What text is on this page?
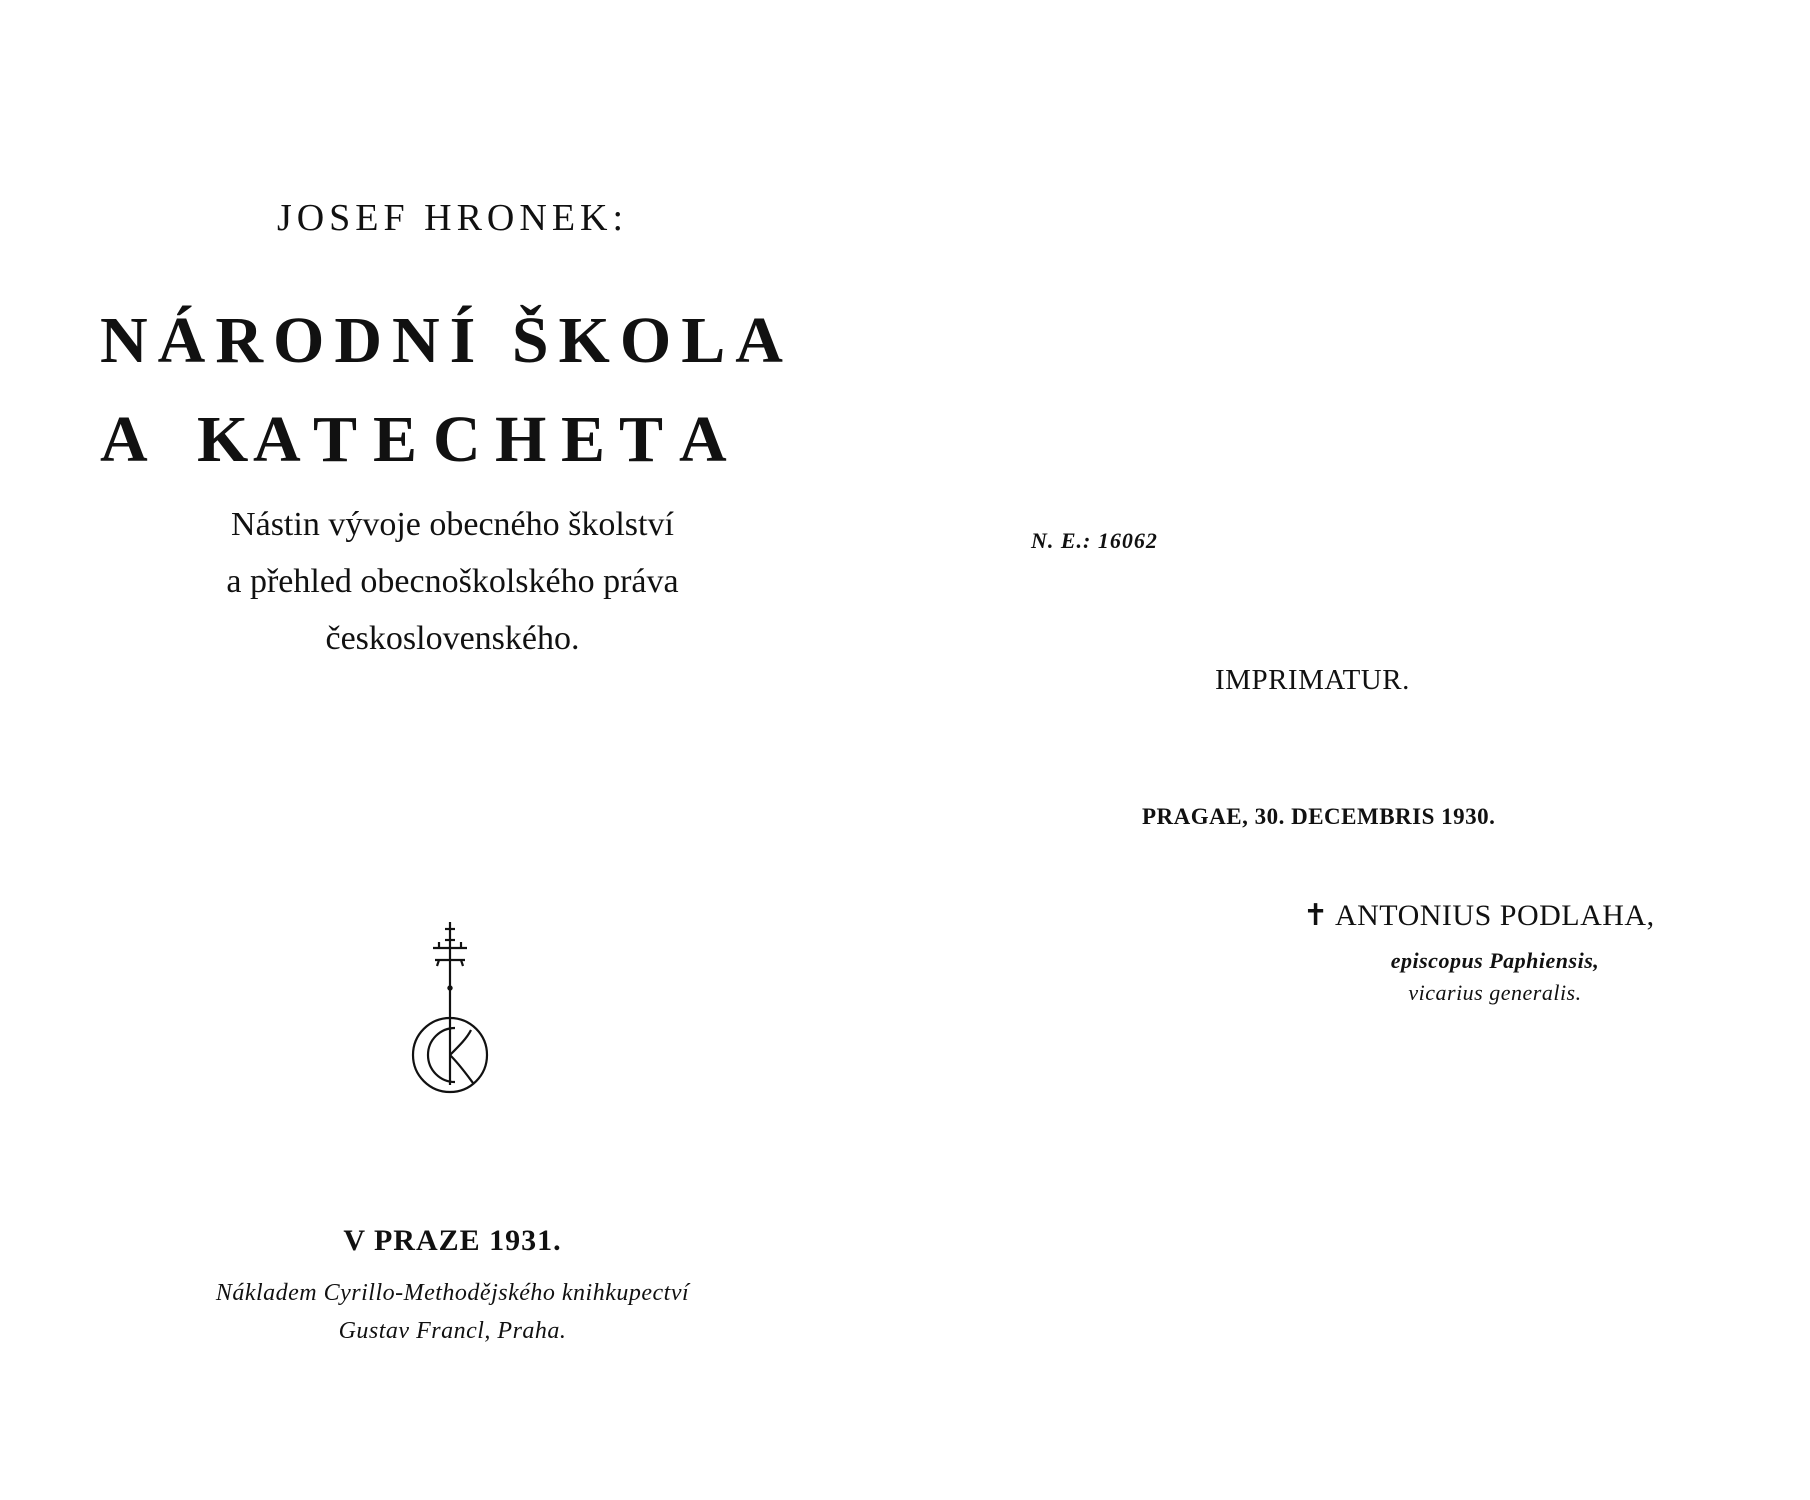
JOSEF HRONEK:
NÁRODNÍ ŠKOLA
A KA T E C H E T A
Nástin vývoje obecného školství
a přehled obecnoškolského práva
československého.
V PRAZE 1931.
Nákladem Cyrillo-Methodějského knihkupectví
Gustav Francl, Praha.
N. E.: 16062
IMPRIMATUR.
PRAGAE, 30. DECEMBRIS 1930.
✝ ANTONIUS PODLAHA,
episcopus Paphiensis,
vicarius generalis.
